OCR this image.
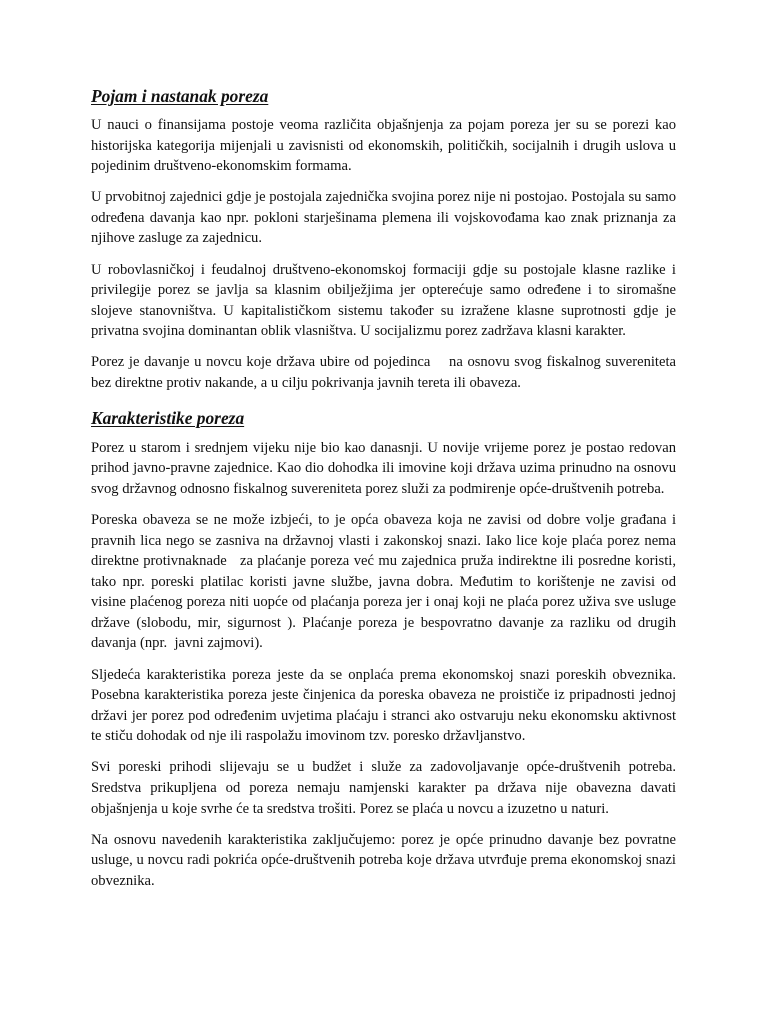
Pojam i nastanak poreza

U nauci o finansijama postoje veoma različita objašnjenja za pojam poreza jer su se porezi kao historijska kategorija mijenjali u zavisnisti od ekonomskih, političkih, socijalnih i drugih uslova u pojedinim društveno-ekonomskim formama.

U prvobitnoj zajednici gdje je postojala zajednička svojina porez nije ni postojao. Postojala su samo određena davanja kao npr. pokloni starješinama plemena ili vojskovođama kao znak priznanja za njihove zasluge za zajednicu.

U robovlasničkoj i feudalnoj društveno-ekonomskoj formaciji gdje su postojale klasne razlike i privilegije porez se javlja sa klasnim obilježjima jer opterećuje samo određene i to siromašne slojeve stanovništva. U kapitalističkom sistemu također su izražene klasne suprotnosti gdje je privatna svojina dominantan oblik vlasništva. U socijalizmu porez zadržava klasni karakter.

Porez je davanje u novcu koje država ubire od pojedinca    na osnovu svog fiskalnog suvereniteta bez direktne protiv nakande, a u cilju pokrivanja javnih tereta ili obaveza.

Karakteristike poreza

Porez u starom i srednjem vijeku nije bio kao danasnji. U novije vrijeme porez je postao redovan prihod javno-pravne zajednice. Kao dio dohodka ili imovine koji država uzima prinudno na osnovu svog državnog odnosno fiskalnog suvereniteta porez služi za podmirenje opće-društvenih potreba.

Poreska obaveza se ne može izbjeći, to je opća obaveza koja ne zavisi od dobre volje građana i pravnih lica nego se zasniva na državnoj vlasti i zakonskoj snazi. Iako lice koje plaća porez nema direktne protivnaknade   za plaćanje poreza već mu zajednica pruža indirektne ili posredne koristi, tako npr. poreski platilac koristi javne službe, javna dobra. Međutim to korištenje ne zavisi od visine plaćenog poreza niti uopće od plaćanja poreza jer i onaj koji ne plaća porez uživa sve usluge države (slobodu, mir, sigurnost ). Plaćanje poreza je bespovratno davanje za razliku od drugih davanja (npr.  javni zajmovi).

Sljedeća karakteristika poreza jeste da se onplaća prema ekonomskoj snazi poreskih obveznika. Posebna karakteristika poreza jeste činjenica da poreska obaveza ne proističe iz pripadnosti jednoj državi jer porez pod određenim uvjetima plaćaju i stranci ako ostvaruju neku ekonomsku aktivnost te stiču dohodak od nje ili raspolažu imovinom tzv. poresko državljanstvo.

Svi poreski prihodi slijevaju se u budžet i služe za zadovoljavanje opće-društvenih potreba. Sredstva prikupljena od poreza nemaju namjenski karakter pa država nije obavezna davati objašnjenja u koje svrhe će ta sredstva trošiti. Porez se plaća u novcu a izuzetno u naturi.

Na osnovu navedenih karakteristika zaključujemo: porez je opće prinudno davanje bez povratne usluge, u novcu radi pokrića opće-društvenih potreba koje država utvrđuje prema ekonomskoj snazi obveznika.
